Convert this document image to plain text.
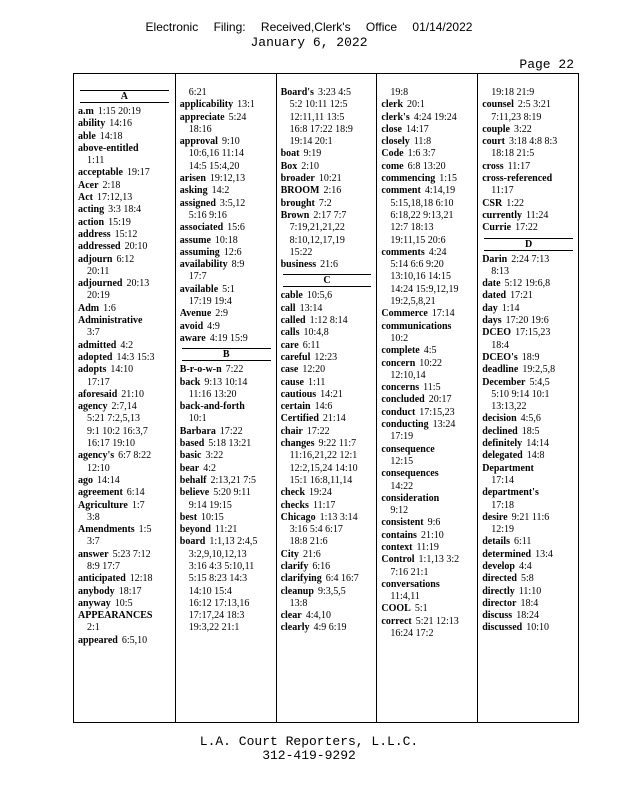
Electronic Filing: Received,Clerk's Office 01/14/2022
January 6, 2022
Page 22
A
a.m 1:15 20:19
ability 14:16
able 14:18
above-entitled
1:11
acceptable 19:17
Acer 2:18
Act 17:12,13
acting 3:3 18:4
action 15:19
address 15:12
addressed 20:10
adjourn 6:12
20:11
adjourned 20:13
20:19
Adm 1:6
Administrative
3:7
admitted 4:2
adopted 14:3 15:3
adopts 14:10
17:17
aforesaid 21:10
agency 2:7,14
5:21 7:2,5,13
9:1 10:2 16:3,7
16:17 19:10
agency's 6:7 8:22
12:10
ago 14:14
agreement 6:14
Agriculture 1:7
3:8
Amendments 1:5
3:7
answer 5:23 7:12
8:9 17:7
anticipated 12:18
anybody 18:17
anyway 10:5
APPEARANCES
2:1
appeared 6:5,10
6:21
applicability 13:1
appreciate 5:24
18:16
approval 9:10
10:6,16 11:14
14:5 15:4,20
arisen 19:12,13
asking 14:2
assigned 3:5,12
5:16 9:16
associated 15:6
assume 10:18
assuming 12:6
availability 8:9
17:7
available 5:1
17:19 19:4
Avenue 2:9
avoid 4:9
aware 4:19 15:9
B
B-r-o-w-n 7:22
back 9:13 10:14
11:16 13:20
back-and-forth
10:1
Barbara 17:22
based 5:18 13:21
basic 3:22
bear 4:2
behalf 2:13,21 7:5
believe 5:20 9:11
9:14 19:15
best 10:15
beyond 11:21
board 1:1,13 2:4,5
3:2,9,10,12,13
3:16 4:3 5:10,11
5:15 8:23 14:3
14:10 15:4
16:12 17:13,16
17:17,24 18:3
19:3,22 21:1
Board's 3:23 4:5
5:2 10:11 12:5
12:11,11 13:5
16:8 17:22 18:9
19:14 20:1
boat 9:19
Box 2:10
broader 10:21
BROOM 2:16
brought 7:2
Brown 2:17 7:7
7:19,21,21,22
8:10,12,17,19
15:22
business 21:6
C
cable 10:5,6
call 13:14
called 1:12 8:14
calls 10:4,8
care 6:11
careful 12:23
case 12:20
cause 1:11
cautious 14:21
certain 14:6
Certified 21:14
chair 17:22
changes 9:22 11:7
11:16,21,22 12:1
12:2,15,24 14:10
15:1 16:8,11,14
check 19:24
checks 11:17
Chicago 1:13 3:14
3:16 5:4 6:17
18:8 21:6
City 21:6
clarify 6:16
clarifying 6:4 16:7
cleanup 9:3,5,5
13:8
clear 4:4,10
clearly 4:9 6:19
19:8
clerk 20:1
clerk's 4:24 19:24
close 14:17
closely 11:8
Code 1:6 3:7
come 6:8 13:20
commencing 1:15
comment 4:14,19
5:15,18,18 6:10
6:18,22 9:13,21
12:7 18:13
19:11,15 20:6
comments 4:24
5:14 6:6 9:20
13:10,16 14:15
14:24 15:9,12,19
19:2,5,8,21
Commerce 17:14
communications
10:2
complete 4:5
concern 10:22
12:10,14
concerns 11:5
concluded 20:17
conduct 17:15,23
conducting 13:24
17:19
consequence
12:15
consequences
14:22
consideration
9:12
consistent 9:6
contains 21:10
context 11:19
Control 1:1,13 3:2
7:16 21:1
conversations
11:4,11
COOL 5:1
correct 5:21 12:13
16:24 17:2
19:18 21:9
counsel 2:5 3:21
7:11,23 8:19
couple 3:22
court 3:18 4:8 8:3
18:18 21:5
cross 11:17
cross-referenced
11:17
CSR 1:22
currently 11:24
Currie 17:22
D
Darin 2:24 7:13
8:13
date 5:12 19:6,8
dated 17:21
day 1:14
days 17:20 19:6
DCEO 17:15,23
18:4
DCEO's 18:9
deadline 19:2,5,8
December 5:4,5
5:10 9:14 10:1
13:13,22
decision 4:5,6
declined 18:5
definitely 14:14
delegated 14:8
Department
17:14
department's
17:18
desire 9:21 11:6
12:19
details 6:11
determined 13:4
develop 4:4
directed 5:8
directly 11:10
director 18:4
discuss 18:24
discussed 10:10
L.A. Court Reporters, L.L.C.
312-419-9292
